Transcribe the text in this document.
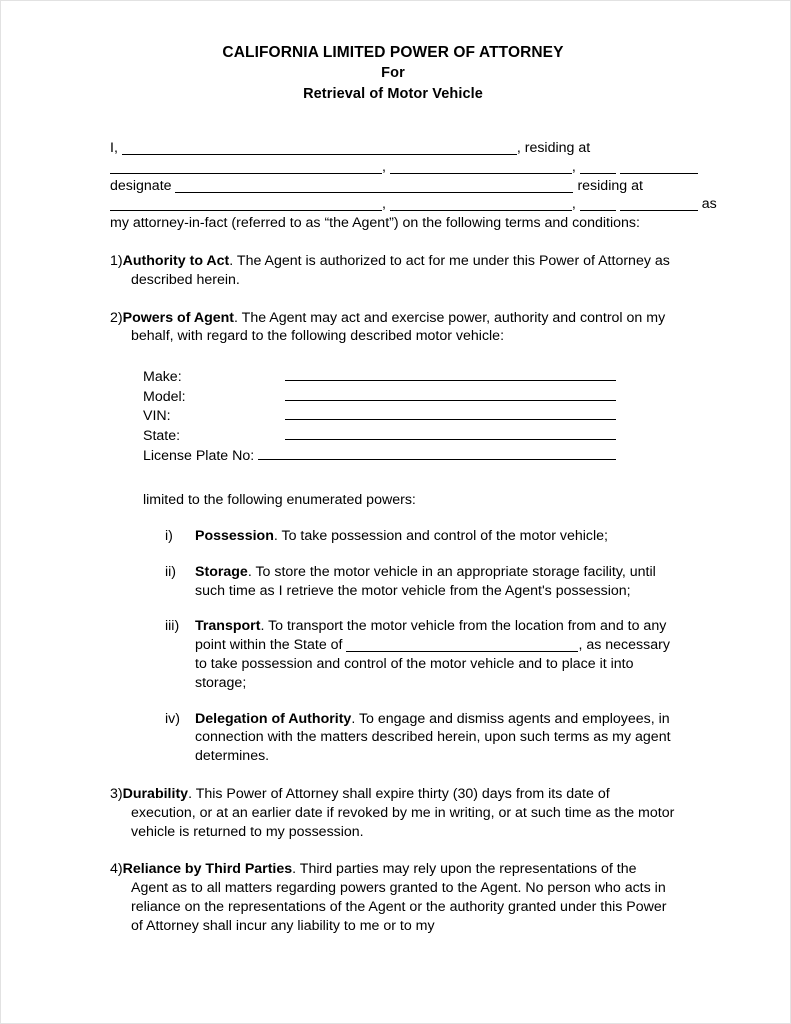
CALIFORNIA LIMITED POWER OF ATTORNEY
For
Retrieval of Motor Vehicle
I,	, residing at
,	,
designate	residing at
,	,	as
my attorney-in-fact (referred to as “the Agent”) on the following terms and conditions:
1)Authority to Act. The Agent is authorized to act for me under this Power of Attorney as described herein.
2)Powers of Agent. The Agent may act and exercise power, authority and control on my behalf, with regard to the following described motor vehicle:
Make:
Model:
VIN:
State:
License Plate No:
limited to the following enumerated powers:
i)	Possession. To take possession and control of the motor vehicle;
ii)	Storage. To store the motor vehicle in an appropriate storage facility, until such time as I retrieve the motor vehicle from the Agent's possession;
iii)	Transport. To transport the motor vehicle from the location from and to any point within the State of	, as necessary to take possession and control of the motor vehicle and to place it into storage;
iv)	Delegation of Authority. To engage and dismiss agents and employees, in connection with the matters described herein, upon such terms as my agent determines.
3)Durability. This Power of Attorney shall expire thirty (30) days from its date of execution, or at an earlier date if revoked by me in writing, or at such time as the motor vehicle is returned to my possession.
4)Reliance by Third Parties. Third parties may rely upon the representations of the Agent as to all matters regarding powers granted to the Agent. No person who acts in reliance on the representations of the Agent or the authority granted under this Power of Attorney shall incur any liability to me or to my
